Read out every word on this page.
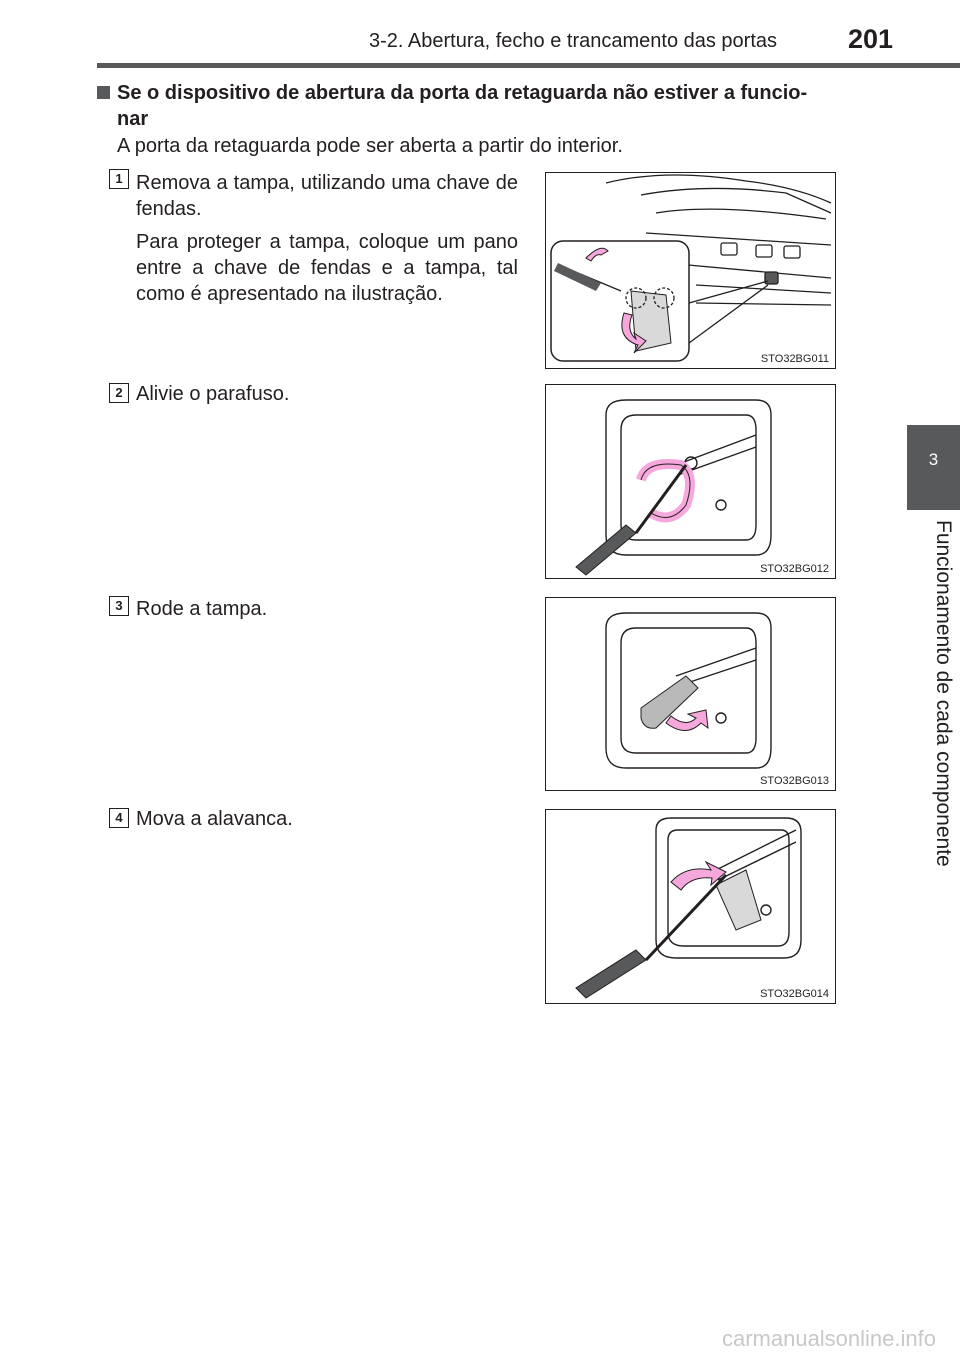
3-2. Abertura, fecho e trancamento das portas	201
3
Funcionamento de cada componente
Se o dispositivo de abertura da porta da retaguarda não estiver a funcio-
nar
A porta da retaguarda pode ser aberta a partir do interior.
1 Remova a tampa, utilizando uma chave de fendas.
Para proteger a tampa, coloque um pano entre a chave de fendas e a tampa, tal como é apresentado na ilustração.
STO32BG011
2 Alivie o parafuso.
STO32BG012
3 Rode a tampa.
STO32BG013
4 Mova a alavanca.
STO32BG014
carmanualsonline.info
